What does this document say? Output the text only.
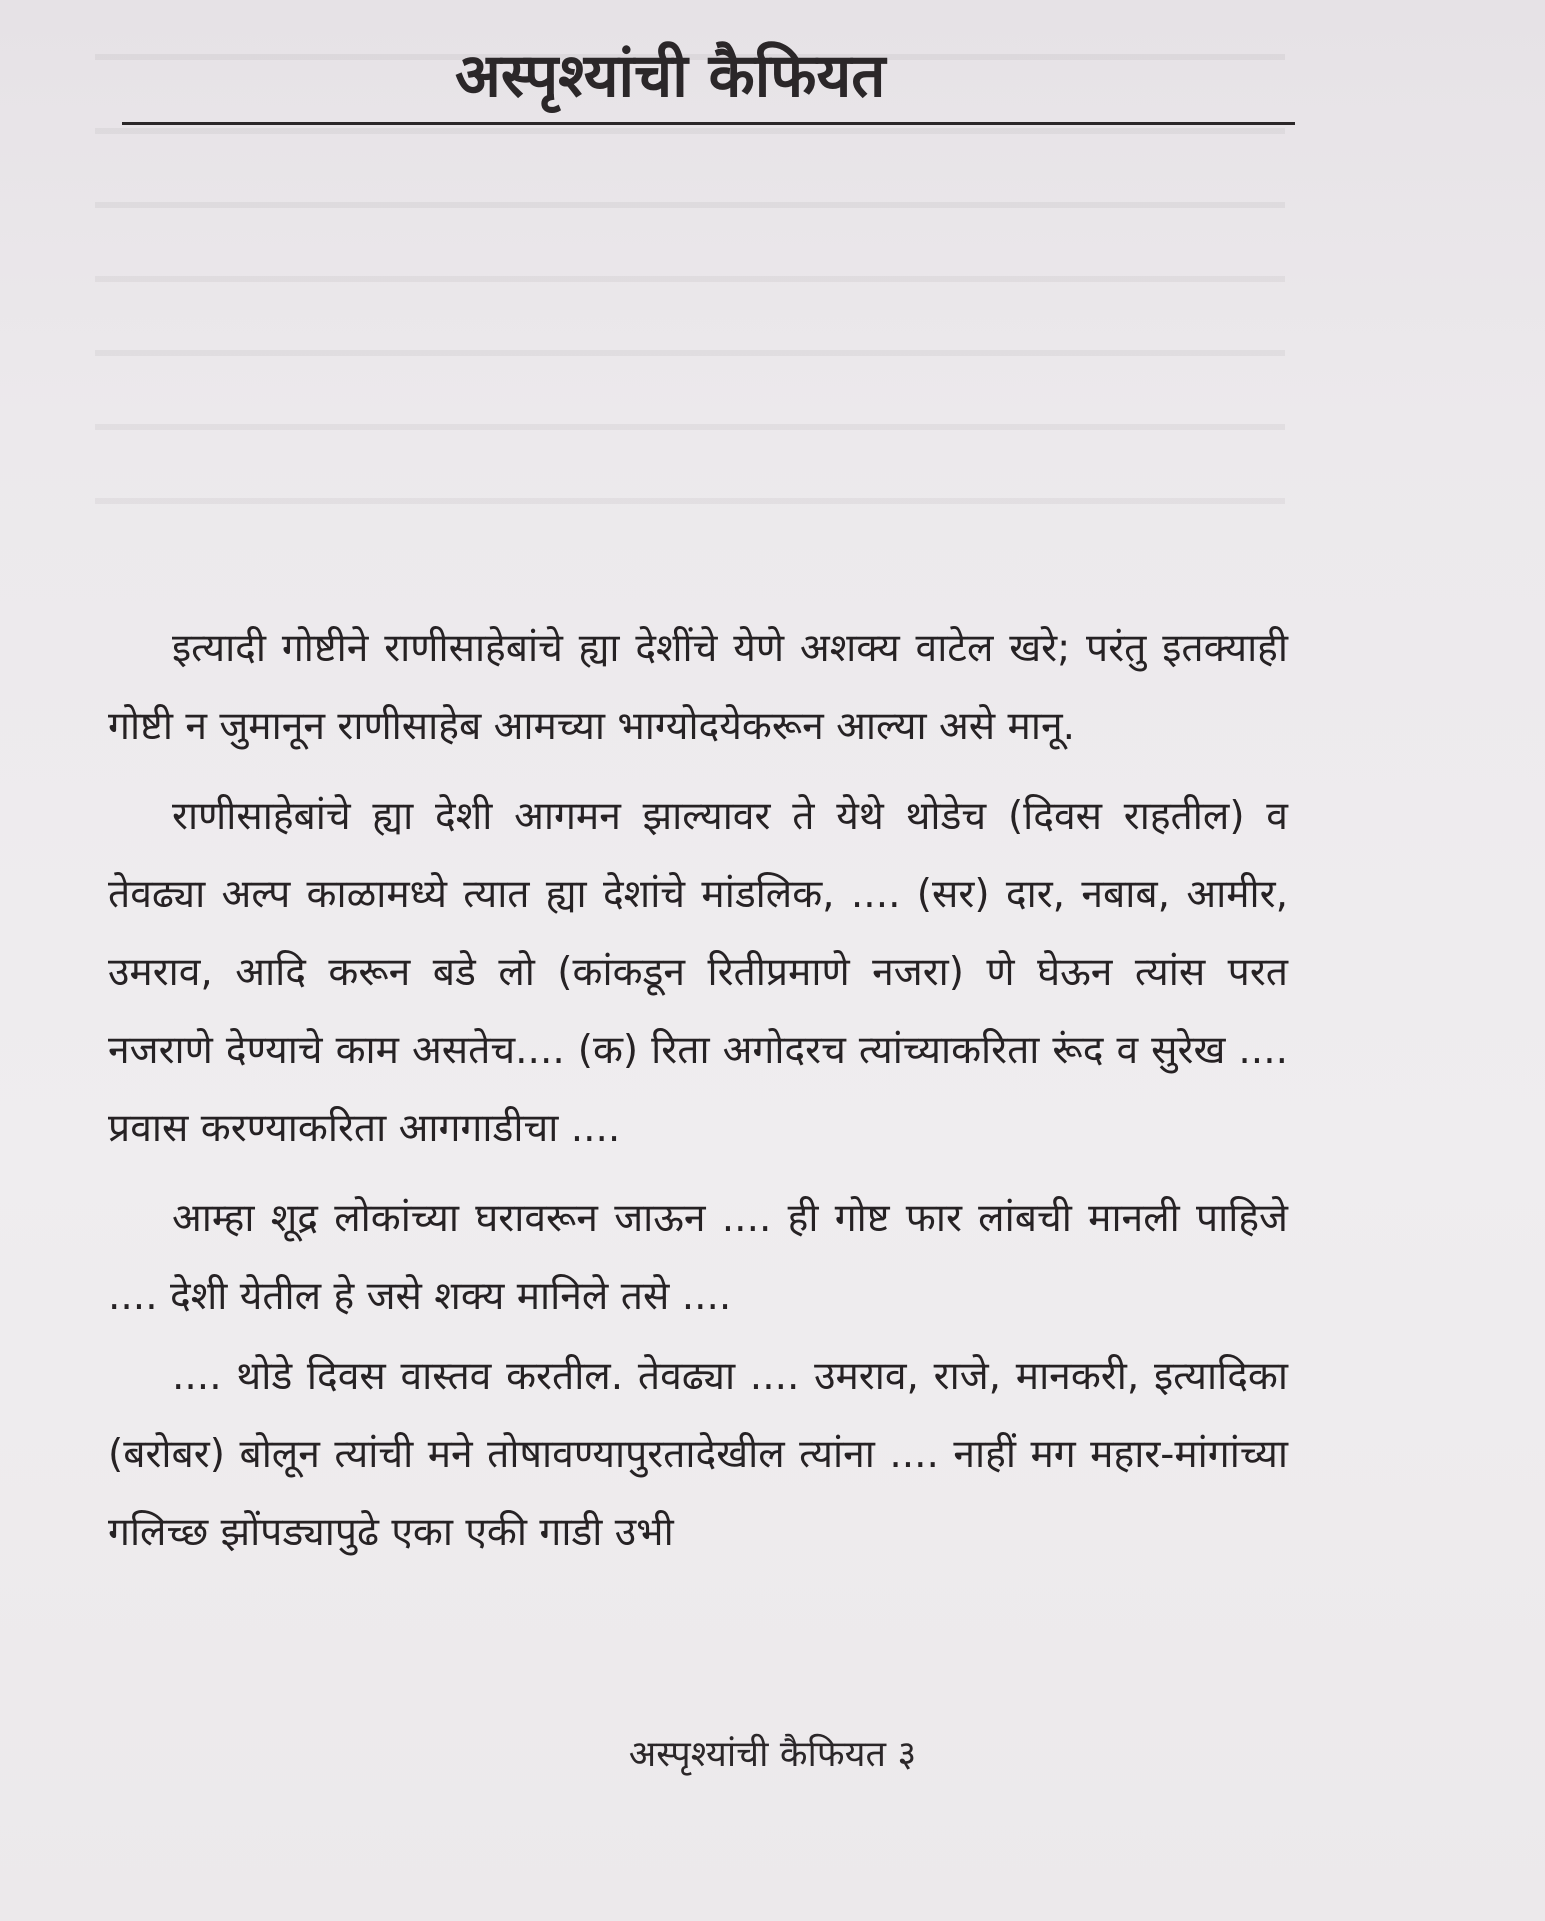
अस्पृश्यांची कैफियत

इत्यादी गोष्टीने राणीसाहेबांचे ह्या देशींचे येणे अशक्य वाटेल खरे; परंतु इतक्याही गोष्टी न जुमानून राणीसाहेब आमच्या भाग्योदयेकरून आल्या असे मानू.

राणीसाहेबांचे ह्या देशी आगमन झाल्यावर ते येथे थोडेच (दिवस राहतील) व तेवढ्या अल्प काळामध्ये त्यात ह्या देशांचे मांडलिक, .... (सर) दार, नबाब, आमीर, उमराव, आदि करून बडे लो (कांकडून रितीप्रमाणे नजरा) णे घेऊन त्यांस परत नजराणे देण्याचे काम असतेच.... (क) रिता अगोदरच त्यांच्याकरिता रूंद व सुरेख .... प्रवास करण्याकरिता आगगाडीचा ....

आम्हा शूद्र लोकांच्या घरावरून जाऊन .... ही गोष्ट फार लांबची मानली पाहिजे .... देशी येतील हे जसे शक्य मानिले तसे ....

.... थोडे दिवस वास्तव करतील. तेवढ्या .... उमराव, राजे, मानकरी, इत्यादिका (बरोबर) बोलून त्यांची मने तोषावण्यापुरतादेखील त्यांना .... नाहीं मग महार-मांगांच्या गलिच्छ झोंपड्यापुढे एका एकी गाडी उभी

अस्पृश्यांची कैफियत ३
